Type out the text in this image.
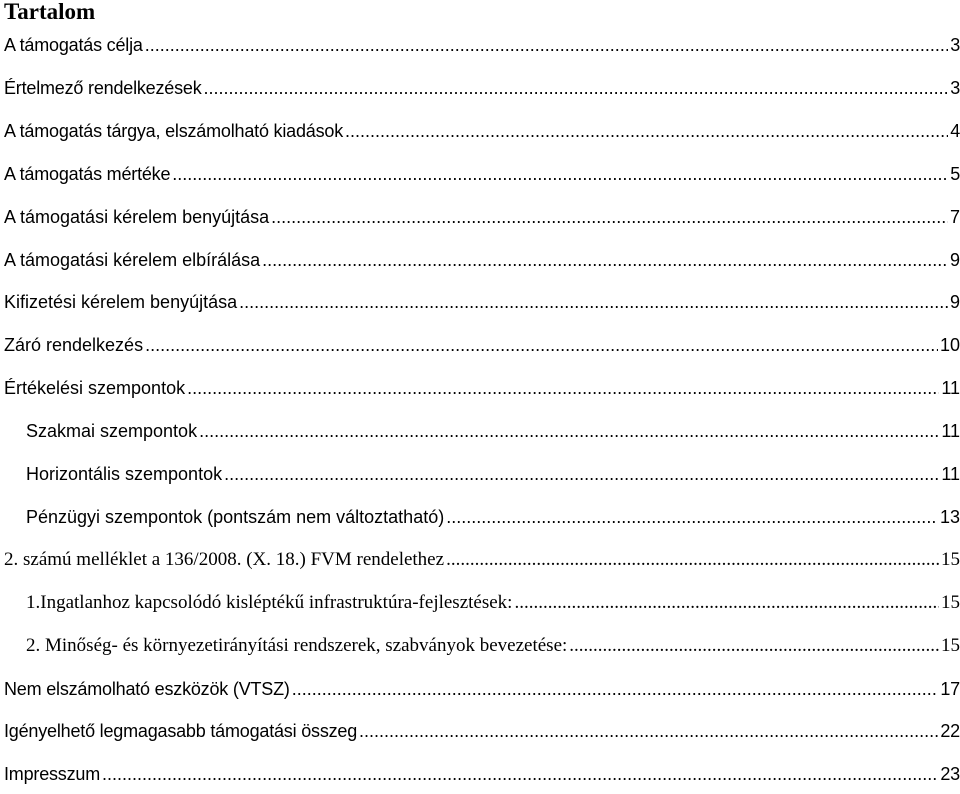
Tartalom
A támogatás célja .....	3
Értelmező rendelkezések .....	3
A támogatás tárgya, elszámolható kiadások .....	4
A támogatás mértéke .....	5
A támogatási kérelem benyújtása .....	7
A támogatási kérelem elbírálása .....	9
Kifizetési kérelem benyújtása .....	9
Záró rendelkezés .....	10
Értékelési szempontok .....	11
Szakmai szempontok .....	11
Horizontális szempontok .....	11
Pénzügyi szempontok (pontszám nem változtatható) .....	13
2. számú melléklet a 136/2008. (X. 18.) FVM rendelethez .....	15
1.Ingatlanhoz kapcsolódó kisléptékű infrastruktúra-fejlesztések: .....	15
2. Minőség- és környezetirányítási rendszerek, szabványok bevezetése: .....	15
Nem elszámolható eszközök (VTSZ) .....	17
Igényelhető legmagasabb támogatási összeg .....	22
Impresszum .....	23
